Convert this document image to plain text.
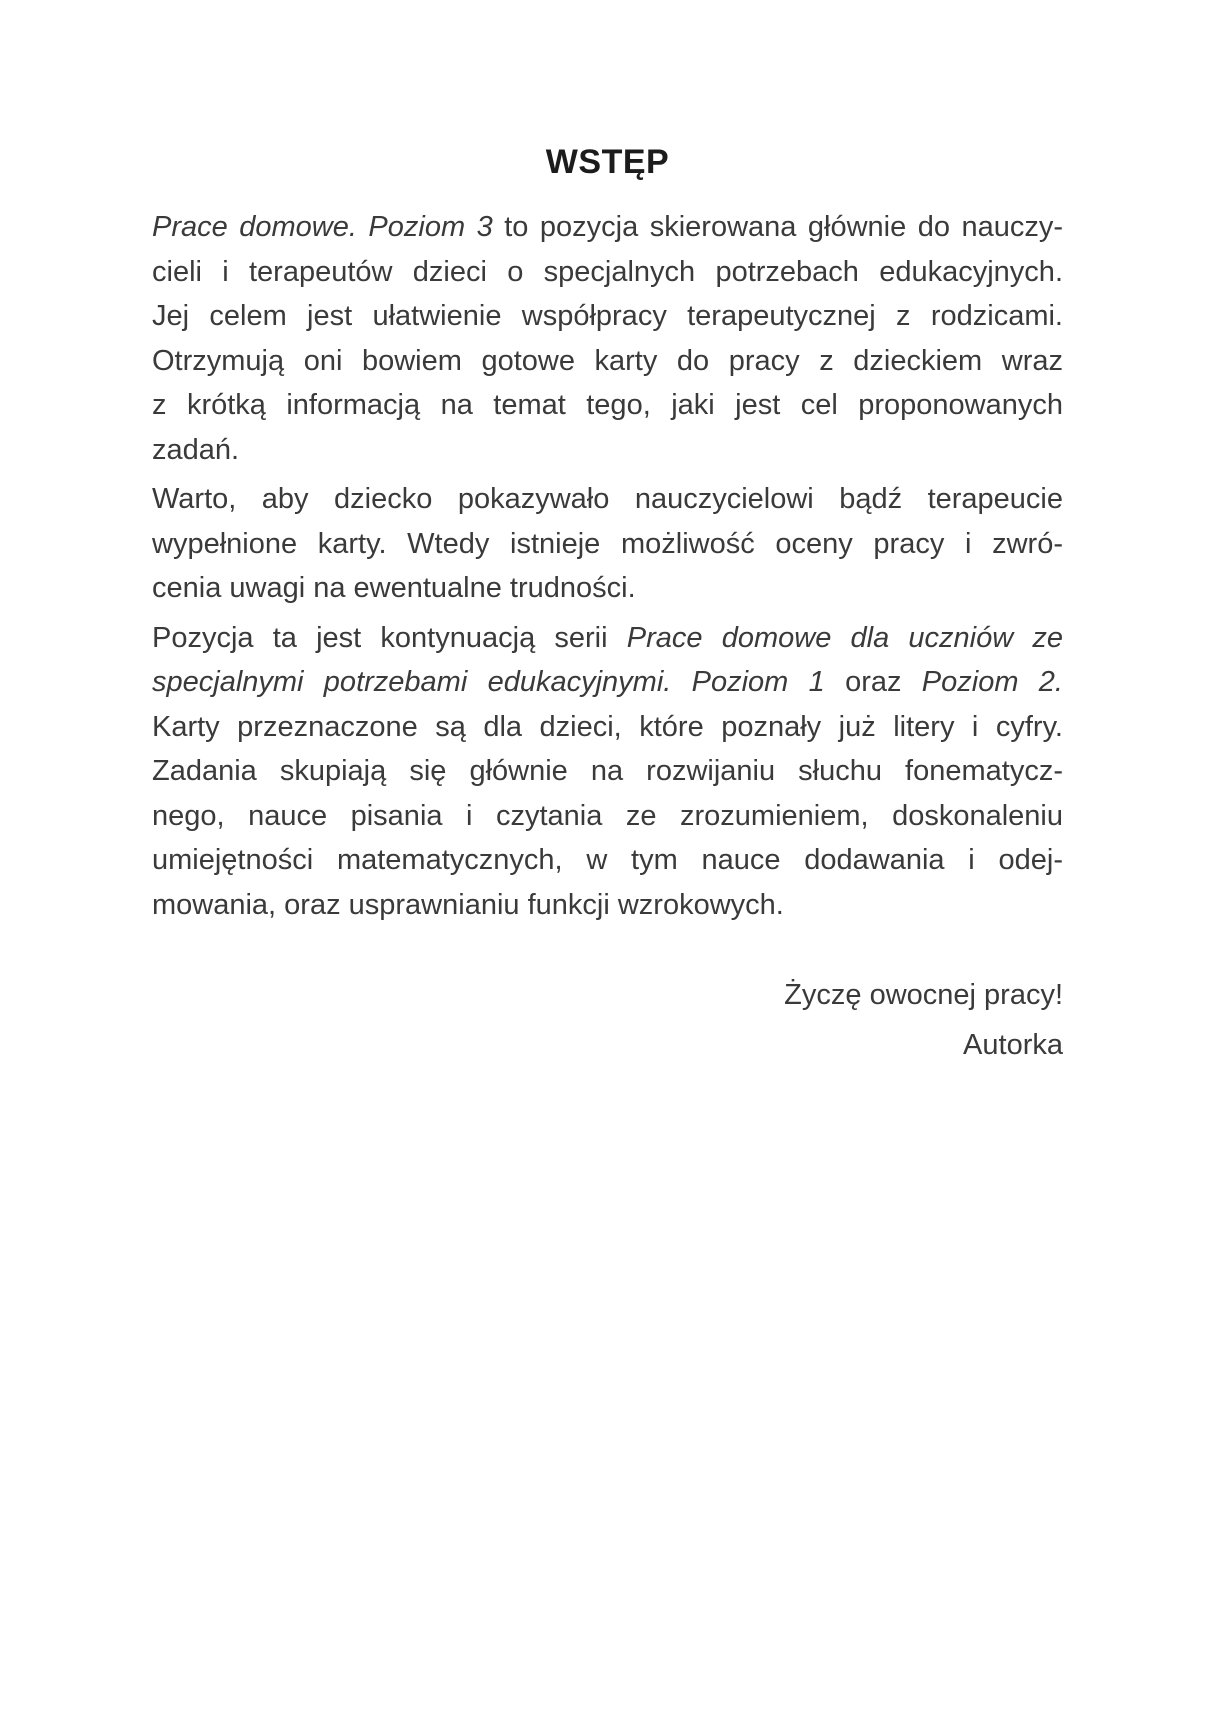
WSTĘP
Prace domowe. Poziom 3 to pozycja skierowana głównie do nauczy-
cieli i terapeutów dzieci o specjalnych potrzebach edukacyjnych.
Jej celem jest ułatwienie współpracy terapeutycznej z rodzicami.
Otrzymują oni bowiem gotowe karty do pracy z dzieckiem wraz
z krótką informacją na temat tego, jaki jest cel proponowanych
zadań.
Warto, aby dziecko pokazywało nauczycielowi bądź terapeucie
wypełnione karty. Wtedy istnieje możliwość oceny pracy i zwró-
cenia uwagi na ewentualne trudności.
Pozycja ta jest kontynuacją serii Prace domowe dla uczniów ze
specjalnymi potrzebami edukacyjnymi. Poziom 1 oraz Poziom 2.
Karty przeznaczone są dla dzieci, które poznały już litery i cyfry.
Zadania skupiają się głównie na rozwijaniu słuchu fonematycz-
nego, nauce pisania i czytania ze zrozumieniem, doskonaleniu
umiejętności matematycznych, w tym nauce dodawania i odej-
mowania, oraz usprawnianiu funkcji wzrokowych.
Życzę owocnej pracy!
Autorka
